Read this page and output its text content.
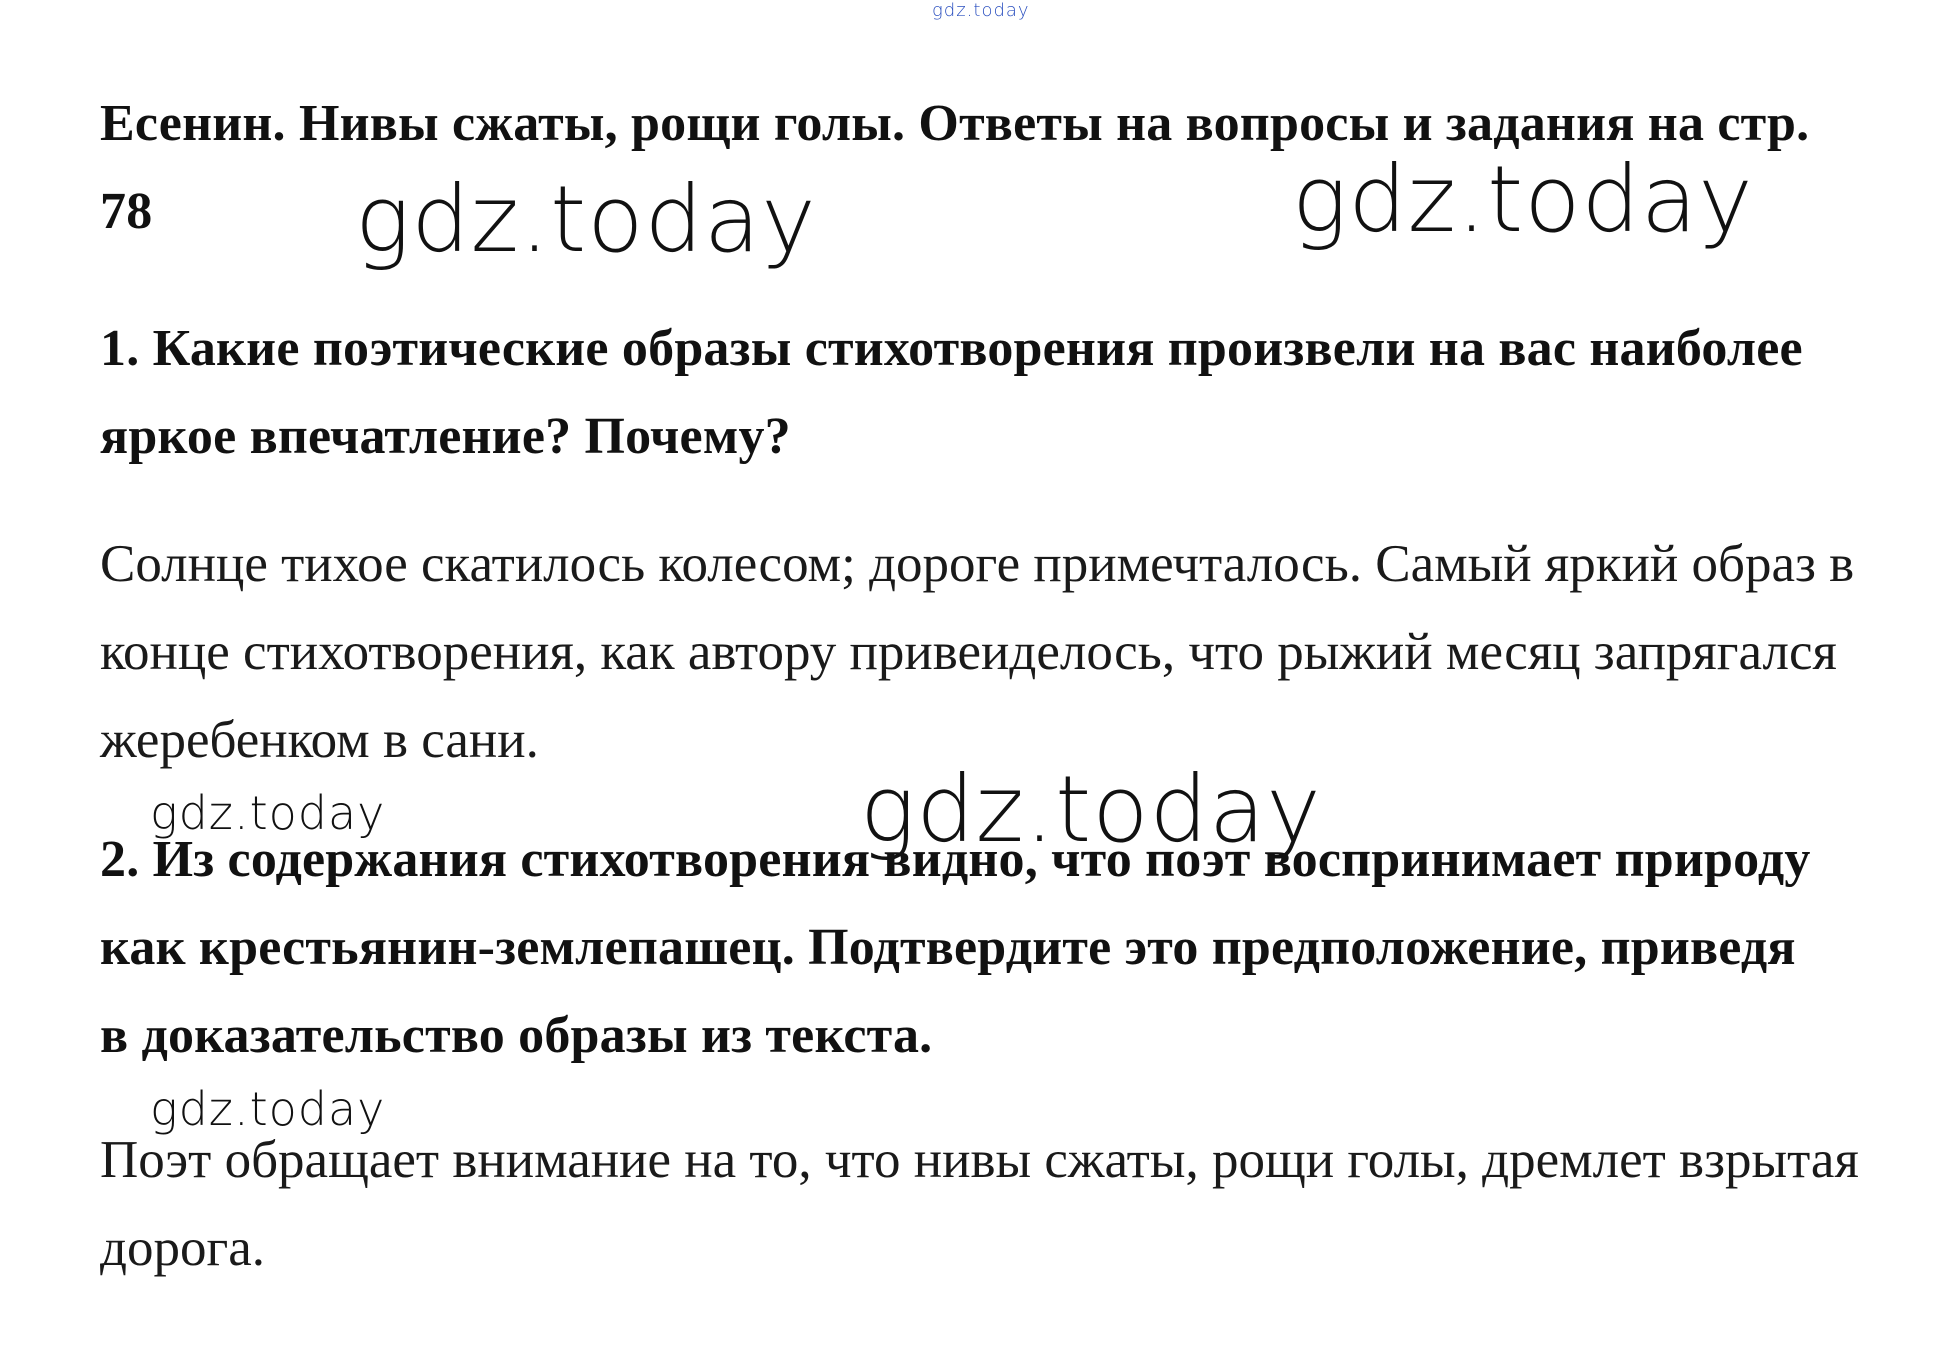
gdz.today

Есенин. Нивы сжаты, рощи голы. Ответы на вопросы и задания на стр. 78	gdz.today	gdz.today

1. Какие поэтические образы стихотворения произвели на вас наиболее яркое впечатление? Почему?

Солнце тихое скатилось колесом; дороге примечталось. Самый яркий образ в конце стихотворения, как автору привеиделось, что рыжий месяц запрягался жеребенком в сани.

gdz.today	gdz.today

2. Из содержания стихотворения видно, что поэт воспринимает природу как крестьянин-землепашец. Подтвердите это предположение, приведя в доказательство образы из текста.

gdz.today

Поэт обращает внимание на то, что нивы сжаты, рощи голы, дремлет взрытая дорога.
